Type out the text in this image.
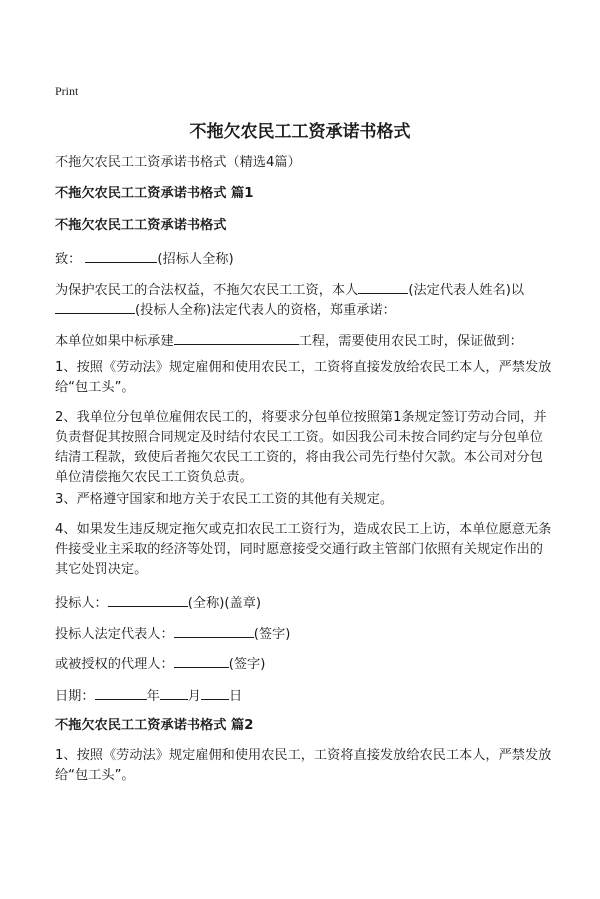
Print
不拖欠农民工工资承诺书格式

不拖欠农民工工资承诺书格式（精选4篇）

不拖欠农民工工资承诺书格式 篇1

不拖欠农民工工资承诺书格式

致：	(招标人全称)

为保护农民工的合法权益，不拖欠农民工工资，本人	(法定代表人姓名)以

(投标人全称)法定代表人的资格，郑重承诺：

本单位如果中标承建	工程，需要使用农民工时，保证做到：

1、按照《劳动法》规定雇佣和使用农民工，工资将直接发放给农民工本人，严禁发放给“包工头”。

2、我单位分包单位雇佣农民工的，将要求分包单位按照第1条规定签订劳动合同，并负责督促其按照合同规定及时结付农民工工资。如因我公司未按合同约定与分包单位结清工程款，致使后者拖欠农民工工资的，将由我公司先行垫付欠款。本公司对分包单位清偿拖欠农民工工资负总责。

3、严格遵守国家和地方关于农民工工资的其他有关规定。

4、如果发生违反规定拖欠或克扣农民工工资行为，造成农民工上访，本单位愿意无条件接受业主采取的经济等处罚，同时愿意接受交通行政主管部门依照有关规定作出的其它处罚决定。

投标人：	(全称)(盖章)

投标人法定代表人：	(签字)

或被授权的代理人：	(签字)

日期：	年 月 日

不拖欠农民工工资承诺书格式 篇2

1、按照《劳动法》规定雇佣和使用农民工，工资将直接发放给农民工本人，严禁发放给“包工头”。
